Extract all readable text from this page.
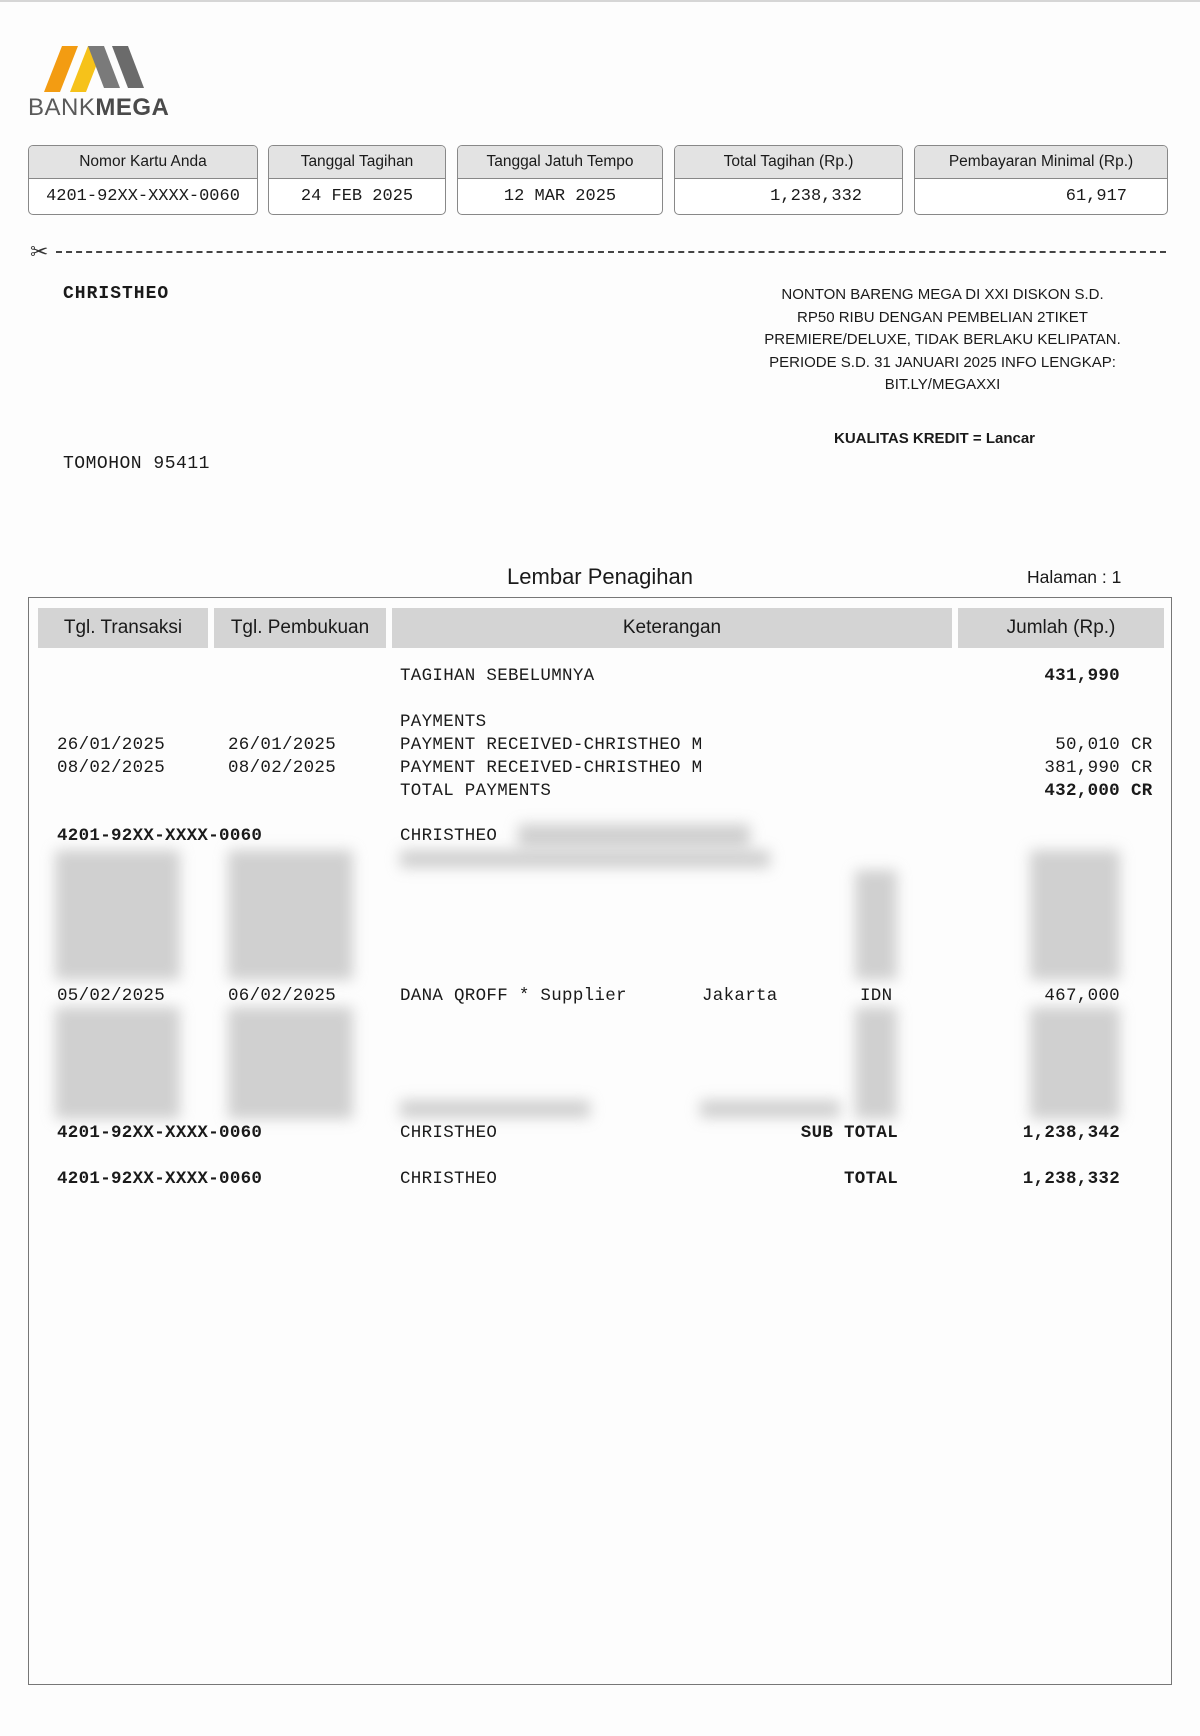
BANKMEGA
Nomor Kartu Anda
4201-92XX-XXXX-0060
Tanggal Tagihan
24 FEB 2025
Tanggal Jatuh Tempo
12 MAR 2025
Total Tagihan (Rp.)
1,238,332
Pembayaran Minimal (Rp.)
61,917
✂
CHRISTHEO
TOMOHON 95411
NONTON BARENG MEGA DI XXI DISKON S.D.
RP50 RIBU DENGAN PEMBELIAN 2TIKET
PREMIERE/DELUXE, TIDAK BERLAKU KELIPATAN.
PERIODE S.D. 31 JANUARI 2025 INFO LENGKAP:
BIT.LY/MEGAXXI
KUALITAS KREDIT = Lancar
Lembar Penagihan	Halaman : 1
Tgl. Transaksi	Tgl. Pembukuan	Keterangan	Jumlah (Rp.)
TAGIHAN SEBELUMNYA	431,990
PAYMENTS
26/01/2025	26/01/2025	PAYMENT RECEIVED-CHRISTHEO M	50,010 CR
08/02/2025	08/02/2025	PAYMENT RECEIVED-CHRISTHEO M	381,990 CR
TOTAL PAYMENTS	432,000 CR
4201-92XX-XXXX-0060	CHRISTHEO
05/02/2025	06/02/2025	DANA QROFF * Supplier	Jakarta	IDN	467,000
4201-92XX-XXXX-0060	CHRISTHEO	SUB TOTAL	1,238,342
4201-92XX-XXXX-0060	CHRISTHEO	TOTAL	1,238,332
